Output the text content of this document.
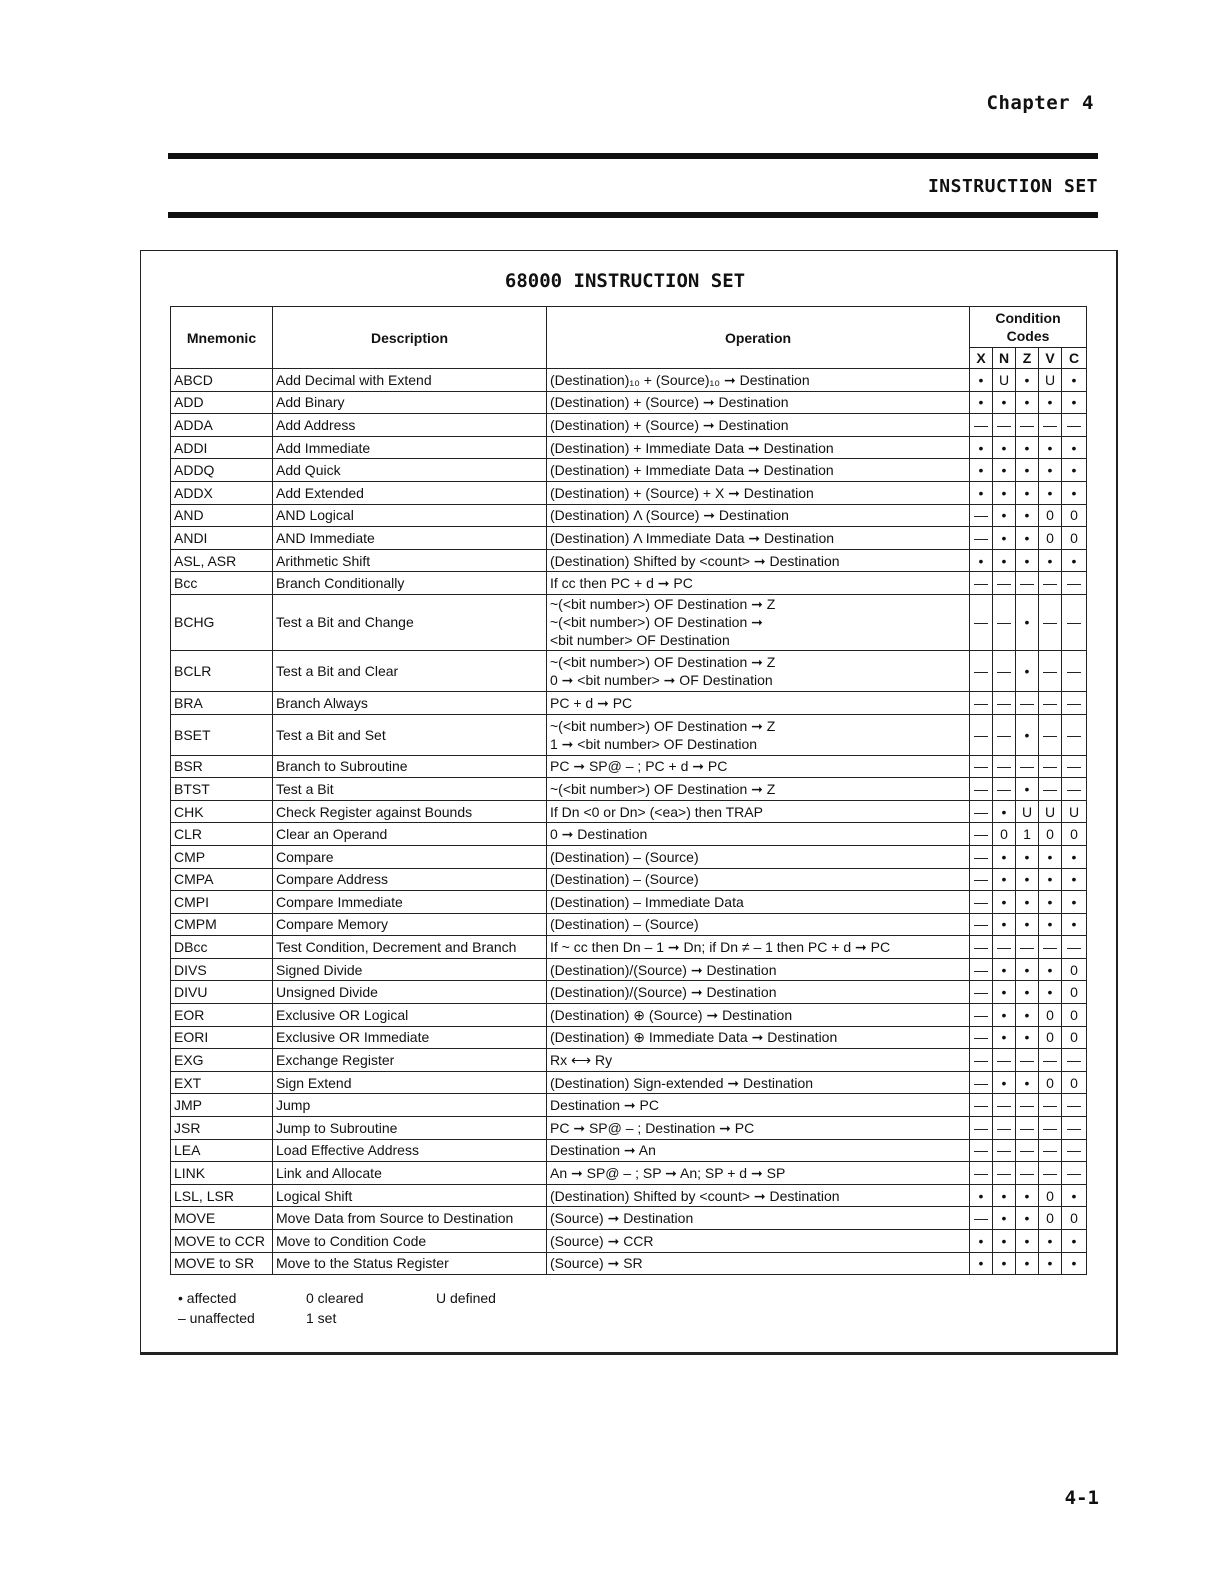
Chapter 4
INSTRUCTION SET
68000 INSTRUCTION SET
Mnemonic	Description	Operation	Condition Codes				
			X	N	Z	V	C
ABCD	Add Decimal with Extend	(Destination)₁₀ + (Source)₁₀ ➞ Destination	•	U	•	U	•
ADD	Add Binary	(Destination) + (Source) ➞ Destination	•	•	•	•	•
ADDA	Add Address	(Destination) + (Source) ➞ Destination	—	—	—	—	—
ADDI	Add Immediate	(Destination) + Immediate Data ➞ Destination	•	•	•	•	•
ADDQ	Add Quick	(Destination) + Immediate Data ➞ Destination	•	•	•	•	•
ADDX	Add Extended	(Destination) + (Source) + X ➞ Destination	•	•	•	•	•
AND	AND Logical	(Destination) Λ (Source) ➞ Destination	—	•	•	0	0
ANDI	AND Immediate	(Destination) Λ Immediate Data ➞ Destination	—	•	•	0	0
ASL, ASR	Arithmetic Shift	(Destination) Shifted by <count> ➞ Destination	•	•	•	•	•
Bcc	Branch Conditionally	If cc then PC + d ➞ PC	—	—	—	—	—
BCHG	Test a Bit and Change	~(<bit number>) OF Destination ➞ Z
~(<bit number>) OF Destination ➞
<bit number> OF Destination	—	—	•	—	—
BCLR	Test a Bit and Clear	~(<bit number>) OF Destination ➞ Z
0 ➞ <bit number> ➞ OF Destination	—	—	•	—	—
BRA	Branch Always	PC + d ➞ PC	—	—	—	—	—
BSET	Test a Bit and Set	~(<bit number>) OF Destination ➞ Z
1 ➞ <bit number> OF Destination	—	—	•	—	—
BSR	Branch to Subroutine	PC ➞ SP@ – ; PC + d ➞ PC	—	—	—	—	—
BTST	Test a Bit	~(<bit number>) OF Destination ➞ Z	—	—	•	—	—
CHK	Check Register against Bounds	If Dn <0 or Dn> (<ea>) then TRAP	—	•	U	U	U
CLR	Clear an Operand	0 ➞ Destination	—	0	1	0	0
CMP	Compare	(Destination) – (Source)	—	•	•	•	•
CMPA	Compare Address	(Destination) – (Source)	—	•	•	•	•
CMPI	Compare Immediate	(Destination) – Immediate Data	—	•	•	•	•
CMPM	Compare Memory	(Destination) – (Source)	—	•	•	•	•
DBcc	Test Condition, Decrement and Branch	If ~ cc then Dn – 1 ➞ Dn; if Dn ≠ – 1 then PC + d ➞ PC	—	—	—	—	—
DIVS	Signed Divide	(Destination)/(Source) ➞ Destination	—	•	•	•	0
DIVU	Unsigned Divide	(Destination)/(Source) ➞ Destination	—	•	•	•	0
EOR	Exclusive OR Logical	(Destination) ⊕ (Source) ➞ Destination	—	•	•	0	0
EORI	Exclusive OR Immediate	(Destination) ⊕ Immediate Data ➞ Destination	—	•	•	0	0
EXG	Exchange Register	Rx ⟷ Ry	—	—	—	—	—
EXT	Sign Extend	(Destination) Sign-extended ➞ Destination	—	•	•	0	0
JMP	Jump	Destination ➞ PC	—	—	—	—	—
JSR	Jump to Subroutine	PC ➞ SP@ – ; Destination ➞ PC	—	—	—	—	—
LEA	Load Effective Address	Destination ➞ An	—	—	—	—	—
LINK	Link and Allocate	An ➞ SP@ – ; SP ➞ An; SP + d ➞ SP	—	—	—	—	—
LSL, LSR	Logical Shift	(Destination) Shifted by <count> ➞ Destination	•	•	•	0	•
MOVE	Move Data from Source to Destination	(Source) ➞ Destination	—	•	•	0	0
MOVE to CCR	Move to Condition Code	(Source) ➞ CCR	•	•	•	•	•
MOVE to SR	Move to the Status Register	(Source) ➞ SR	•	•	•	•	•
• affected
– unaffected
0 cleared
1 set
U defined
4-1
